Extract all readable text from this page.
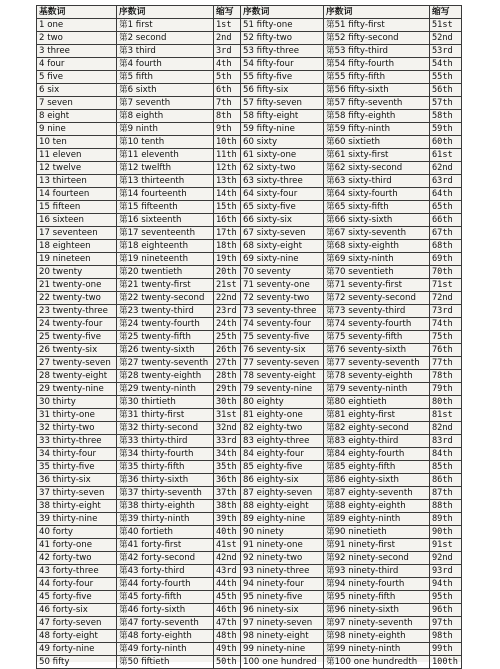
基数词	序数词	缩写	序数词	序数词	缩写
1 one	第1 first	1st	51 fifty-one	第51 fifty-first	51st
2 two	第2 second	2nd	52 fifty-two	第52 fifty-second	52nd
3 three	第3 third	3rd	53 fifty-three	第53 fifty-third	53rd
4 four	第4 fourth	4th	54 fifty-four	第54 fifty-fourth	54th
5 five	第5 fifth	5th	55 fifty-five	第55 fifty-fifth	55th
6 six	第6 sixth	6th	56 fifty-six	第56 fifty-sixth	56th
7 seven	第7 seventh	7th	57 fifty-seven	第57 fifty-seventh	57th
8 eight	第8 eighth	8th	58 fifty-eight	第58 fifty-eighth	58th
9 nine	第9 ninth	9th	59 fifty-nine	第59 fifty-ninth	59th
10 ten	第10 tenth	10th	60 sixty	第60 sixtieth	60th
11 eleven	第11 eleventh	11th	61 sixty-one	第61 sixty-first	61st
12 twelve	第12 twelfth	12th	62 sixty-two	第62 sixty-second	62nd
13 thirteen	第13 thirteenth	13th	63 sixty-three	第63 sixty-third	63rd
14 fourteen	第14 fourteenth	14th	64 sixty-four	第64 sixty-fourth	64th
15 fifteen	第15 fifteenth	15th	65 sixty-five	第65 sixty-fifth	65th
16 sixteen	第16 sixteenth	16th	66 sixty-six	第66 sixty-sixth	66th
17 seventeen	第17 seventeenth	17th	67 sixty-seven	第67 sixty-seventh	67th
18 eighteen	第18 eighteenth	18th	68 sixty-eight	第68 sixty-eighth	68th
19 nineteen	第19 nineteenth	19th	69 sixty-nine	第69 sixty-ninth	69th
20 twenty	第20 twentieth	20th	70 seventy	第70 seventieth	70th
21 twenty-one	第21 twenty-first	21st	71 seventy-one	第71 seventy-first	71st
22 twenty-two	第22 twenty-second	22nd	72 seventy-two	第72 seventy-second	72nd
23 twenty-three	第23 twenty-third	23rd	73 seventy-three	第73 seventy-third	73rd
24 twenty-four	第24 twenty-fourth	24th	74 seventy-four	第74 seventy-fourth	74th
25 twenty-five	第25 twenty-fifth	25th	75 seventy-five	第75 seventy-fifth	75th
26 twenty-six	第26 twenty-sixth	26th	76 seventy-six	第76 seventy-sixth	76th
27 twenty-seven	第27 twenty-seventh	27th	77 seventy-seven	第77 seventy-seventh	77th
28 twenty-eight	第28 twenty-eighth	28th	78 seventy-eight	第78 seventy-eighth	78th
29 twenty-nine	第29 twenty-ninth	29th	79 seventy-nine	第79 seventy-ninth	79th
30 thirty	第30 thirtieth	30th	80 eighty	第80 eightieth	80th
31 thirty-one	第31 thirty-first	31st	81 eighty-one	第81 eighty-first	81st
32 thirty-two	第32 thirty-second	32nd	82 eighty-two	第82 eighty-second	82nd
33 thirty-three	第33 thirty-third	33rd	83 eighty-three	第83 eighty-third	83rd
34 thirty-four	第34 thirty-fourth	34th	84 eighty-four	第84 eighty-fourth	84th
35 thirty-five	第35 thirty-fifth	35th	85 eighty-five	第85 eighty-fifth	85th
36 thirty-six	第36 thirty-sixth	36th	86 eighty-six	第86 eighty-sixth	86th
37 thirty-seven	第37 thirty-seventh	37th	87 eighty-seven	第87 eighty-seventh	87th
38 thirty-eight	第38 thirty-eighth	38th	88 eighty-eight	第88 eighty-eighth	88th
39 thirty-nine	第39 thirty-ninth	39th	89 eighty-nine	第89 eighty-ninth	89th
40 forty	第40 fortieth	40th	90 ninety	第90 ninetieth	90th
41 forty-one	第41 forty-first	41st	91 ninety-one	第91 ninety-first	91st
42 forty-two	第42 forty-second	42nd	92 ninety-two	第92 ninety-second	92nd
43 forty-three	第43 forty-third	43rd	93 ninety-three	第93 ninety-third	93rd
44 forty-four	第44 forty-fourth	44th	94 ninety-four	第94 ninety-fourth	94th
45 forty-five	第45 forty-fifth	45th	95 ninety-five	第95 ninety-fifth	95th
46 forty-six	第46 forty-sixth	46th	96 ninety-six	第96 ninety-sixth	96th
47 forty-seven	第47 forty-seventh	47th	97 ninety-seven	第97 ninety-seventh	97th
48 forty-eight	第48 forty-eighth	48th	98 ninety-eight	第98 ninety-eighth	98th
49 forty-nine	第49 forty-ninth	49th	99 ninety-nine	第99 ninety-ninth	99th
50 fifty	第50 fiftieth	50th	100 one hundred	第100 one hundredth	100th
